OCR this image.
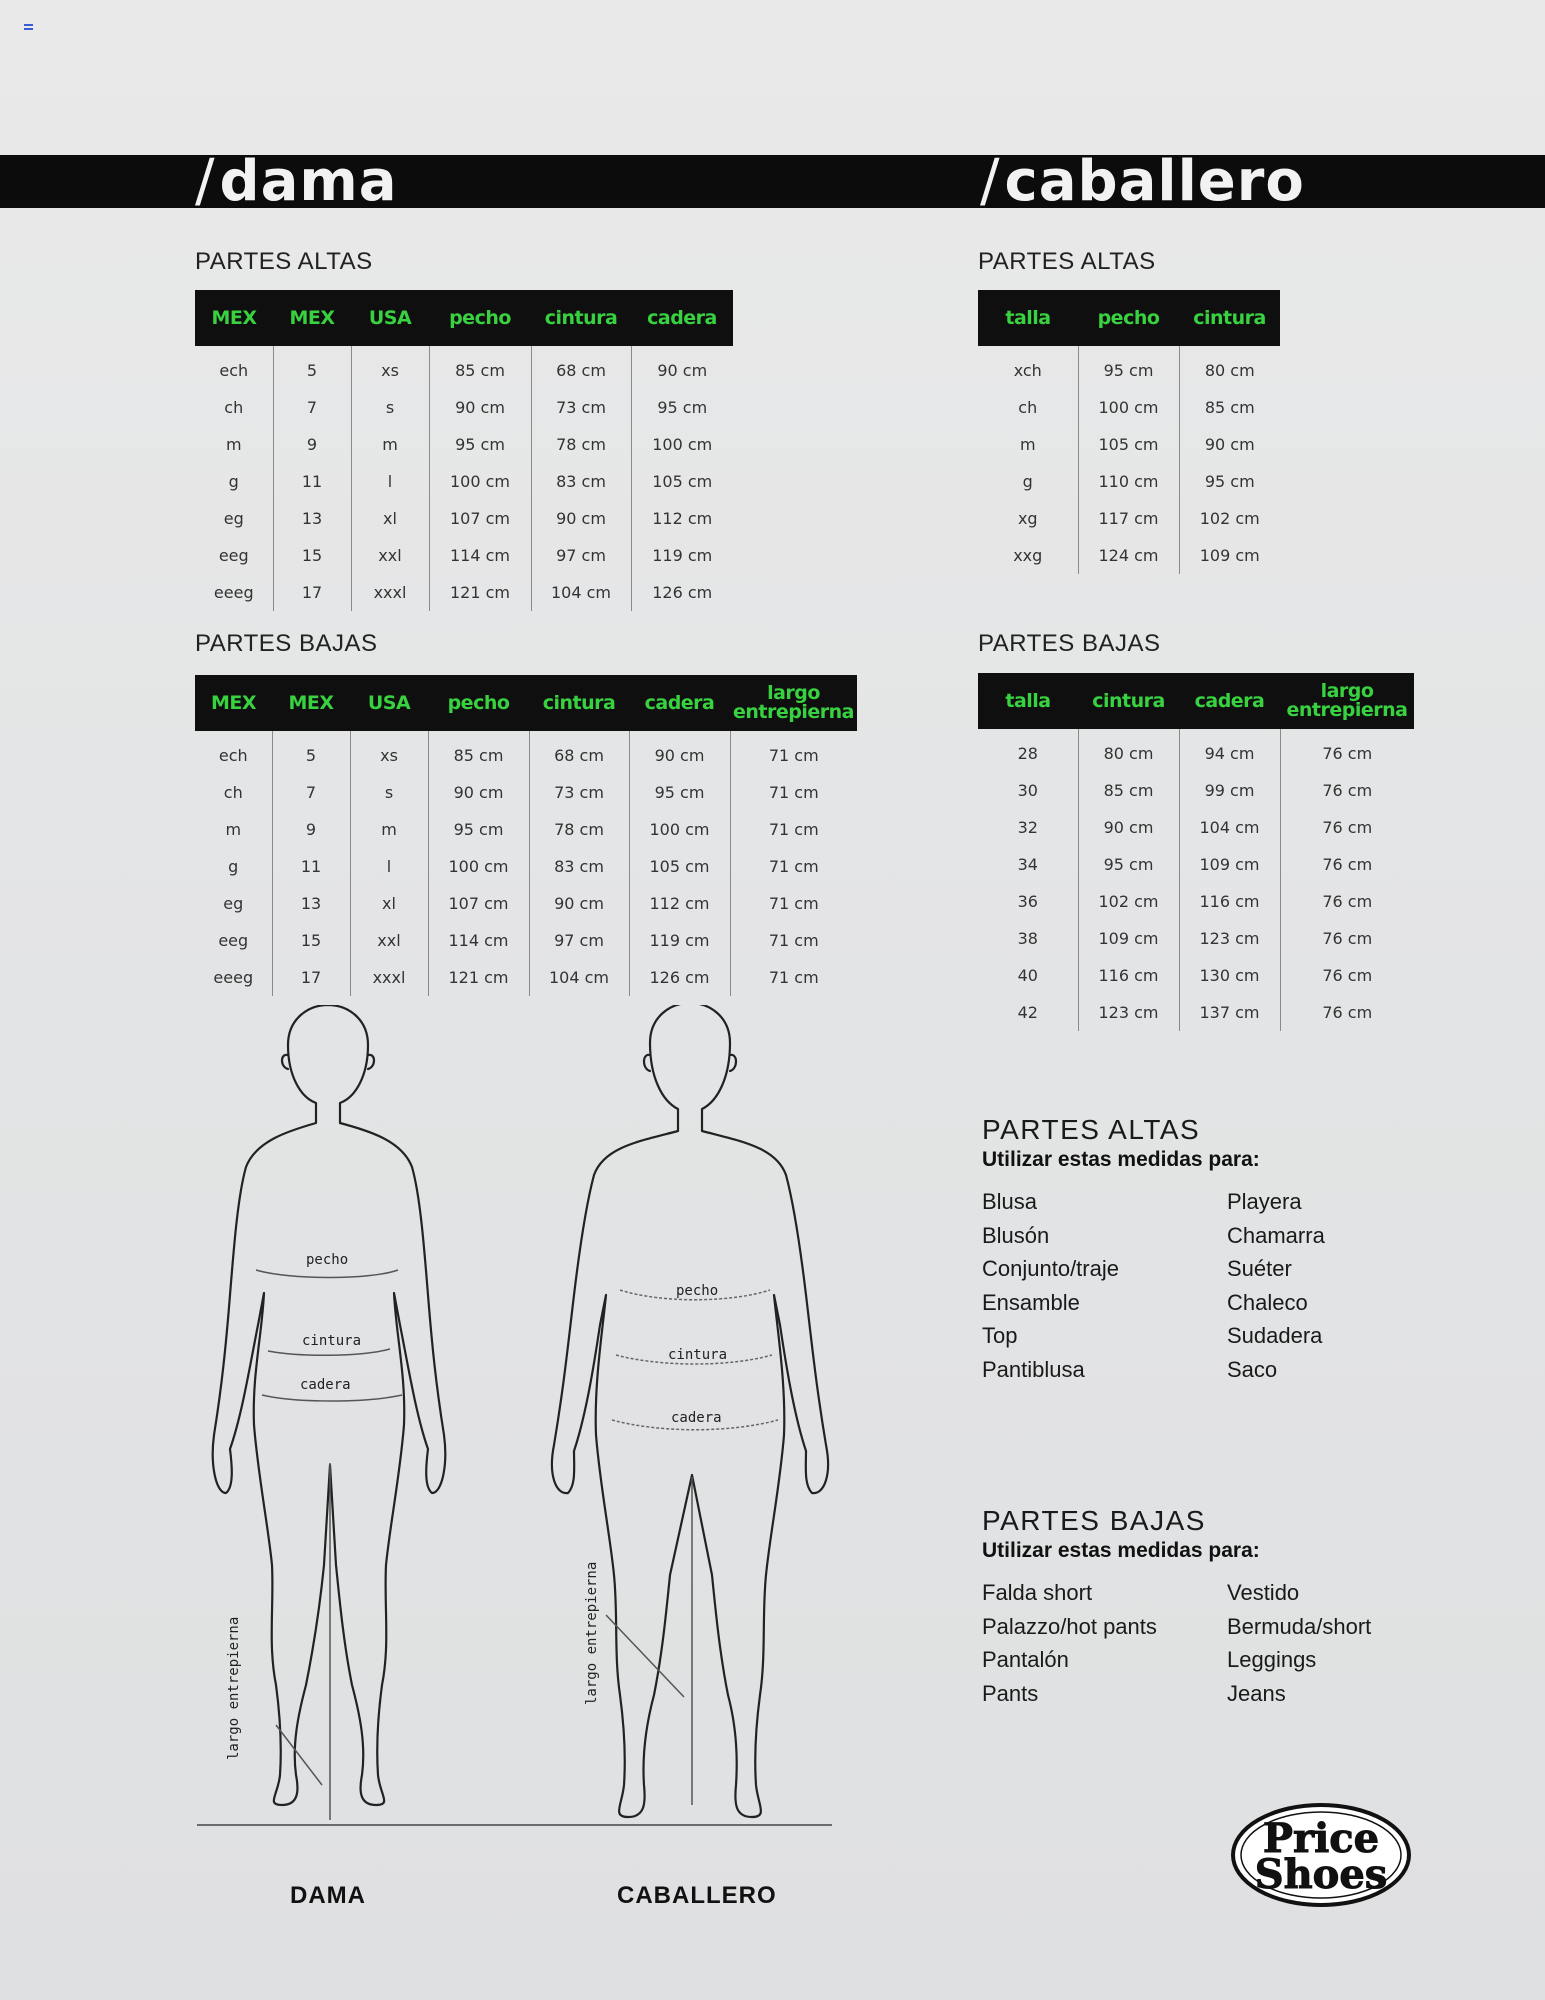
/dama	/caballero
PARTES ALTAS
MEX	MEX	USA	pecho	cintura	cadera
ech	5	xs	85 cm	68 cm	90 cm
ch	7	s	90 cm	73 cm	95 cm
m	9	m	95 cm	78 cm	100 cm
g	11	l	100 cm	83 cm	105 cm
eg	13	xl	107 cm	90 cm	112 cm
eeg	15	xxl	114 cm	97 cm	119 cm
eeeg	17	xxxl	121 cm	104 cm	126 cm
PARTES BAJAS
MEX	MEX	USA	pecho	cintura	cadera	largo
entrepierna
ech	5	xs	85 cm	68 cm	90 cm	71 cm
ch	7	s	90 cm	73 cm	95 cm	71 cm
m	9	m	95 cm	78 cm	100 cm	71 cm
g	11	l	100 cm	83 cm	105 cm	71 cm
eg	13	xl	107 cm	90 cm	112 cm	71 cm
eeg	15	xxl	114 cm	97 cm	119 cm	71 cm
eeeg	17	xxxl	121 cm	104 cm	126 cm	71 cm
PARTES ALTAS
talla	pecho	cintura
xch	95 cm	80 cm
ch	100 cm	85 cm
m	105 cm	90 cm
g	110 cm	95 cm
xg	117 cm	102 cm
xxg	124 cm	109 cm
PARTES BAJAS
talla	cintura	cadera	largo
entrepierna
28	80 cm	94 cm	76 cm
30	85 cm	99 cm	76 cm
32	90 cm	104 cm	76 cm
34	95 cm	109 cm	76 cm
36	102 cm	116 cm	76 cm
38	109 cm	123 cm	76 cm
40	116 cm	130 cm	76 cm
42	123 cm	137 cm	76 cm
pecho
cintura
cadera
largo entrepierna
pecho
cintura
cadera
largo entrepierna
DAMA	CABALLERO
PARTES ALTAS
Utilizar estas medidas para:
Blusa	Playera
Blusón	Chamarra
Conjunto/traje	Suéter
Ensamble	Chaleco
Top	Sudadera
Pantiblusa	Saco
PARTES BAJAS
Utilizar estas medidas para:
Falda short	Vestido
Palazzo/hot pants	Bermuda/short
Pantalón	Leggings
Pants	Jeans
Price
Shoes
